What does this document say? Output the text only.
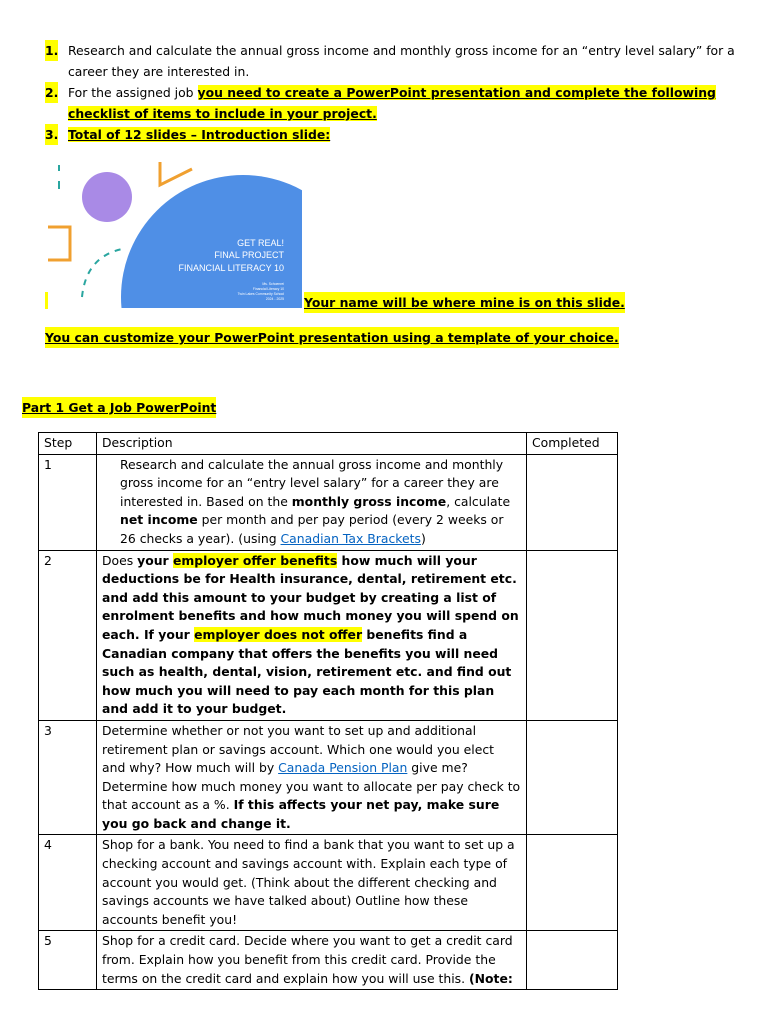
1. Research and calculate the annual gross income and monthly gross income for an “entry level salary” for a career they are interested in.
2. For the assigned job you need to create a PowerPoint presentation and complete the following checklist of items to include in your project.
3. Total of 12 slides – Introduction slide:
GET REAL!
FINAL PROJECT
FINANCIAL LITERACY 10
Ms. Schoenrei
Financial Literacy 10
Twin Lakes Community School
2024 - 2025 Your name will be where mine is on this slide.
You can customize your PowerPoint presentation using a template of your choice.
Part 1 Get a Job PowerPoint
Step	Description	Completed
1	Research and calculate the annual gross income and monthly gross income for an “entry level salary” for a career they are interested in. Based on the monthly gross income, calculate net income per month and per pay period (every 2 weeks or 26 checks a year). (using Canadian Tax Brackets)	
2	Does your employer offer benefits how much will your deductions be for Health insurance, dental, retirement etc. and add this amount to your budget by creating a list of enrolment benefits and how much money you will spend on each. If your employer does not offer benefits find a Canadian company that offers the benefits you will need such as health, dental, vision, retirement etc. and find out how much you will need to pay each month for this plan and add it to your budget.	
3	Determine whether or not you want to set up and additional retirement plan or savings account. Which one would you elect and why? How much will by Canada Pension Plan give me? Determine how much money you want to allocate per pay check to that account as a %. If this affects your net pay, make sure you go back and change it.	
4	Shop for a bank. You need to find a bank that you want to set up a checking account and savings account with. Explain each type of account you would get. (Think about the different checking and savings accounts we have talked about) Outline how these accounts benefit you!	
5	Shop for a credit card. Decide where you want to get a credit card from. Explain how you benefit from this credit card. Provide the terms on the credit card and explain how you will use this. (Note:	
